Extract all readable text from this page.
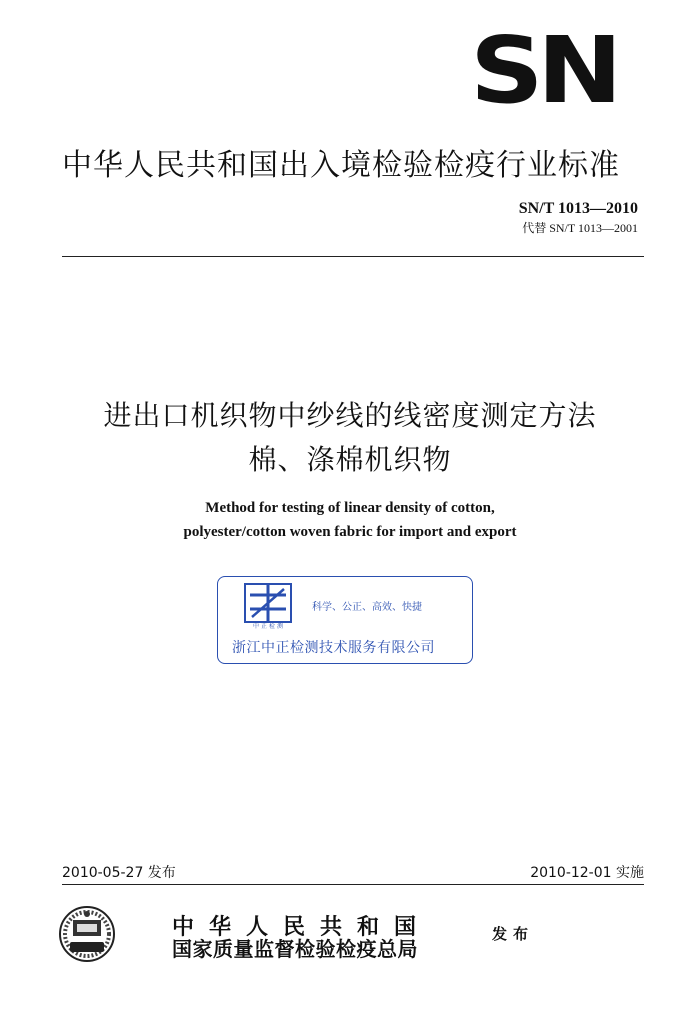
SN
中华人民共和国出入境检验检疫行业标准
SN/T 1013—2010
代替 SN/T 1013—2001
进出口机织物中纱线的线密度测定方法
棉、涤棉机织物
Method for testing of linear density of cotton,
polyester/cotton woven fabric for import and export
中正检测
科学、公正、高效、快捷
浙江中正检测技术服务有限公司
2010-05-27 发布	2010-12-01 实施
中华人民共和国
国家质量监督检验检疫总局
发布
